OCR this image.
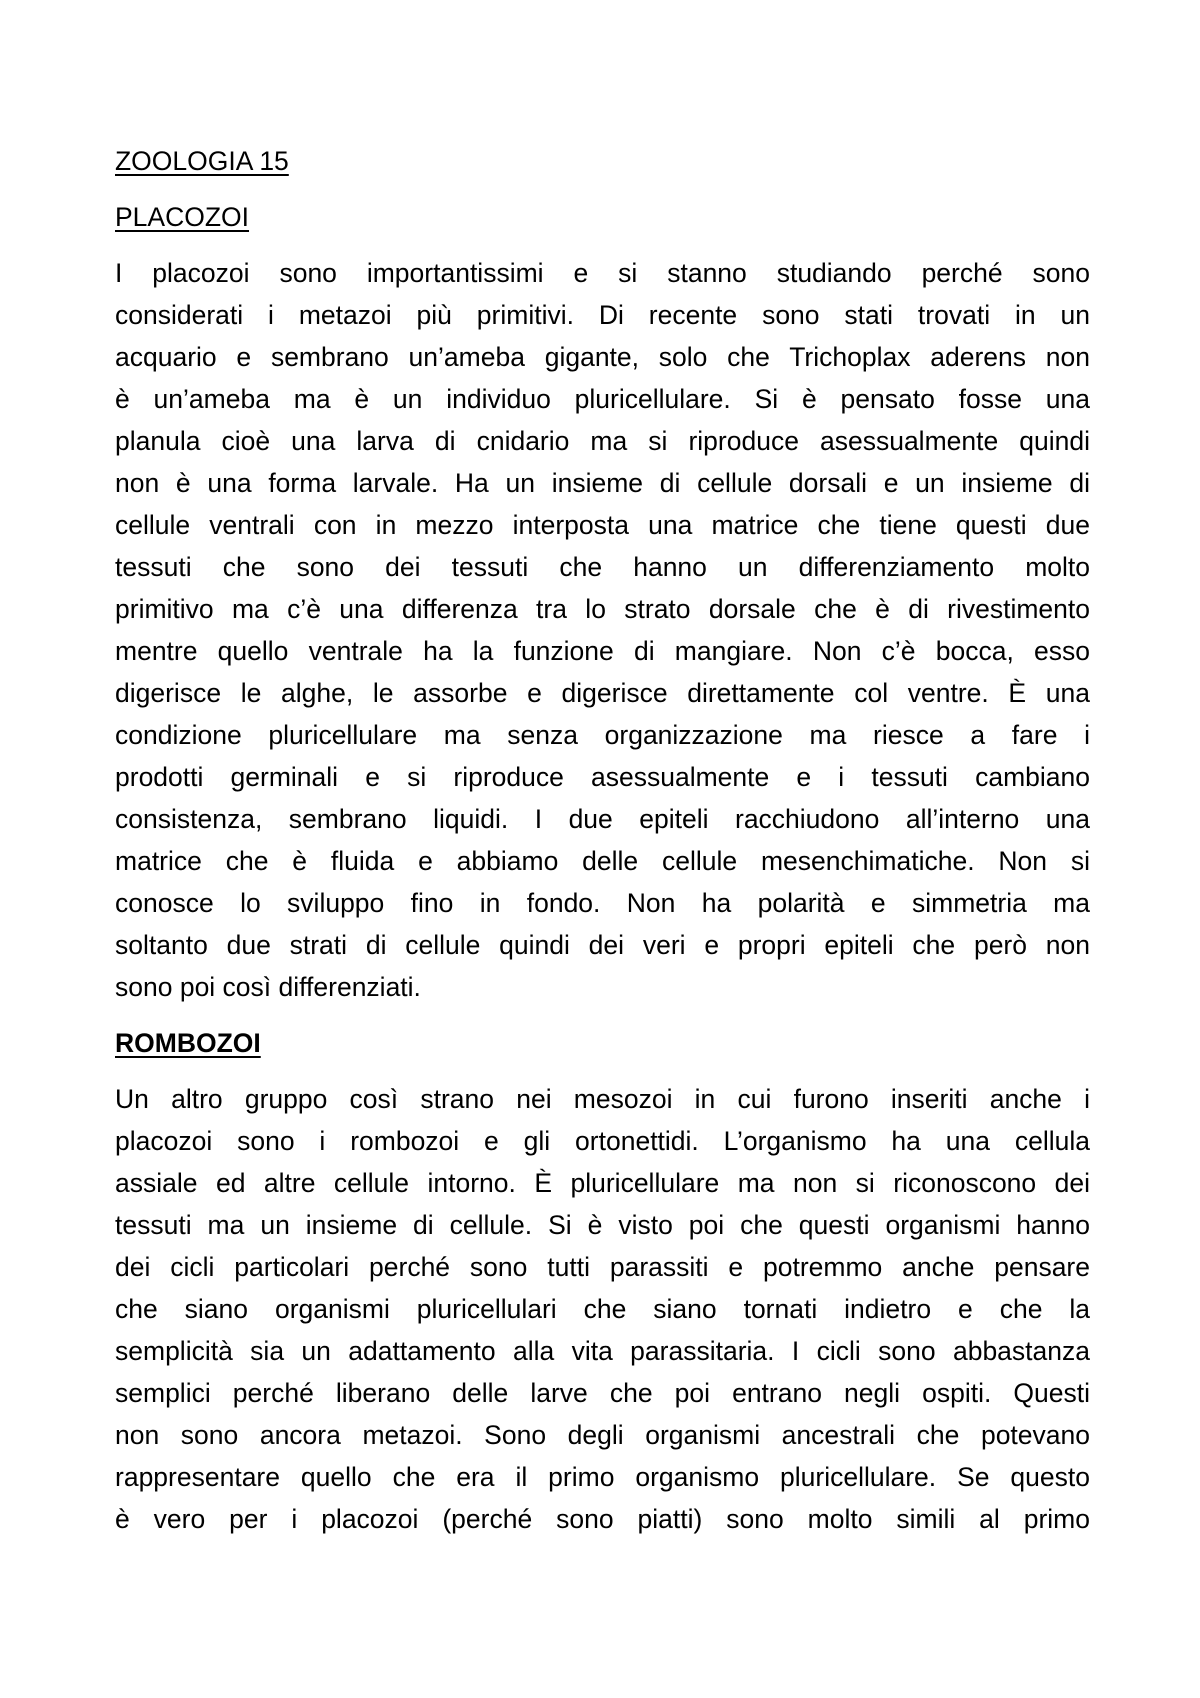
ZOOLOGIA 15
PLACOZOI
I placozoi sono importantissimi e si stanno studiando perché sono
considerati i metazoi più primitivi. Di recente sono stati trovati in un
acquario e sembrano un’ameba gigante, solo che Trichoplax aderens non
è un’ameba ma è un individuo pluricellulare. Si è pensato fosse una
planula cioè una larva di cnidario ma si riproduce asessualmente quindi
non è una forma larvale. Ha un insieme di cellule dorsali e un insieme di
cellule ventrali con in mezzo interposta una matrice che tiene questi due
tessuti che sono dei tessuti che hanno un differenziamento molto
primitivo ma c’è una differenza tra lo strato dorsale che è di rivestimento
mentre quello ventrale ha la funzione di mangiare. Non c’è bocca, esso
digerisce le alghe, le assorbe e digerisce direttamente col ventre. È una
condizione pluricellulare ma senza organizzazione ma riesce a fare i
prodotti germinali e si riproduce asessualmente e i tessuti cambiano
consistenza, sembrano liquidi. I due epiteli racchiudono all’interno una
matrice che è fluida e abbiamo delle cellule mesenchimatiche. Non si
conosce lo sviluppo fino in fondo. Non ha polarità e simmetria ma
soltanto due strati di cellule quindi dei veri e propri epiteli che però non
sono poi così differenziati.
ROMBOZOI
Un altro gruppo così strano nei mesozoi in cui furono inseriti anche i
placozoi sono i rombozoi e gli ortonettidi. L’organismo ha una cellula
assiale ed altre cellule intorno. È pluricellulare ma non si riconoscono dei
tessuti ma un insieme di cellule. Si è visto poi che questi organismi hanno
dei cicli particolari perché sono tutti parassiti e potremmo anche pensare
che siano organismi pluricellulari che siano tornati indietro e che la
semplicità sia un adattamento alla vita parassitaria. I cicli sono abbastanza
semplici perché liberano delle larve che poi entrano negli ospiti. Questi
non sono ancora metazoi. Sono degli organismi ancestrali che potevano
rappresentare quello che era il primo organismo pluricellulare. Se questo
è vero per i placozoi (perché sono piatti) sono molto simili al primo
